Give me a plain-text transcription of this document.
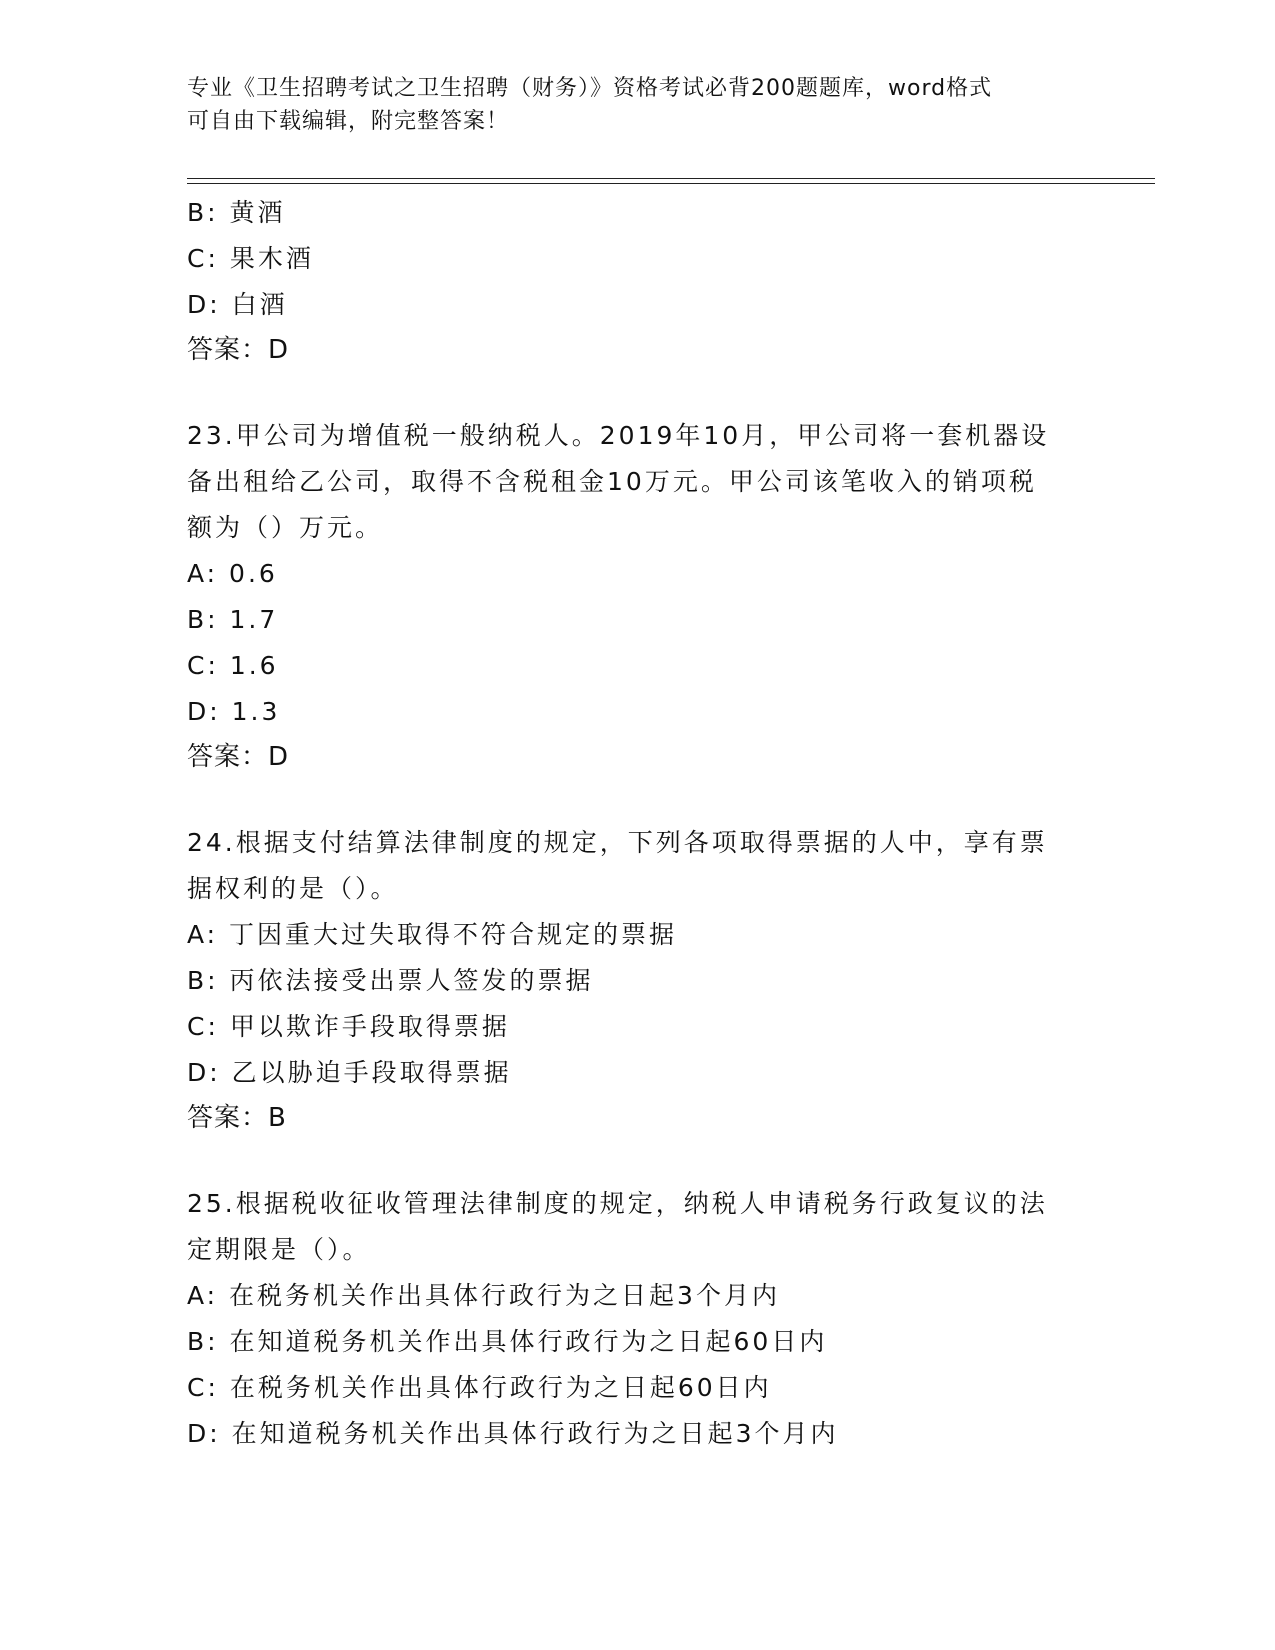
专业《卫生招聘考试之卫生招聘（财务）》资格考试必背200题题库，word格式
可自由下载编辑，附完整答案！
B: 黄酒
C: 果木酒
D: 白酒
答案：D
23.甲公司为增值税一般纳税人。2019年10月，甲公司将一套机器设
备出租给乙公司，取得不含税租金10万元。甲公司该笔收入的销项税
额为（）万元。
A: 0.6
B: 1.7
C: 1.6
D: 1.3
答案：D
24.根据支付结算法律制度的规定，下列各项取得票据的人中，享有票
据权利的是（）。
A: 丁因重大过失取得不符合规定的票据
B: 丙依法接受出票人签发的票据
C: 甲以欺诈手段取得票据
D: 乙以胁迫手段取得票据
答案：B
25.根据税收征收管理法律制度的规定，纳税人申请税务行政复议的法
定期限是（）。
A: 在税务机关作出具体行政行为之日起3个月内
B: 在知道税务机关作出具体行政行为之日起60日内
C: 在税务机关作出具体行政行为之日起60日内
D: 在知道税务机关作出具体行政行为之日起3个月内
